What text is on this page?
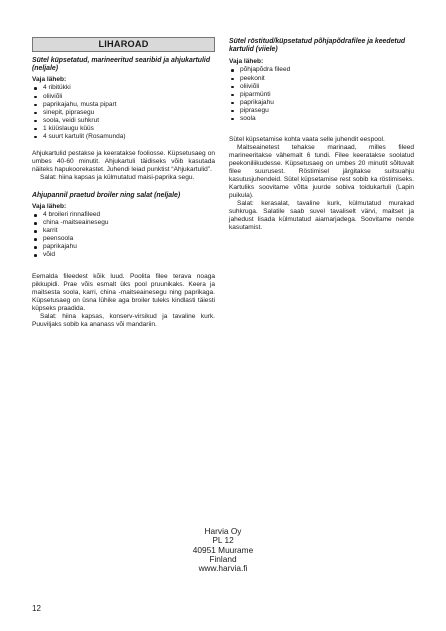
LIHAROAD
Sütel küpsetatud, marineeritud searibid ja ahjukartulid (neljale)
Vaja läheb:
4 ribitükki
oliiviõli
paprikajahu, musta pipart
sinepit, piprasegu
soola, veidi suhkrut
1 küüslaugu küüs
4 suurt kartulit (Rosamunda)

Ahjukartulid pestakse ja keeratakse fooliosse. Küpsetusaeg on umbes 40-60 minutit. Ahjukartuli täidiseks võib kasutada näiteks hapukoorekastet. Juhendi leiad punktist “Ahjukartulid”.

Salat: hiina kapsas ja külmutatud maisi-paprika segu.

Ahjupannil praetud broiler ning salat (neljale)
Vaja läheb:
4 broileri rinnafileed
china -maitseainesegu
karrit
peensoola
paprikajahu
võid

Eemalda fileedest kõik luud. Poolita filee terava noaga pikkupidi. Prae võis esmalt üks pool pruunikaks. Keera ja maitsesta soola, karri, china -maitseainesegu ning paprikaga. Küpsetusaeg on üsna lühike aga broiler tuleks kindlasti täiesti küpseks praadida.

Salat: hiina kapsas, konserv-virsikud ja tavaline kurk. Puuviljaks sobib ka ananass või mandariin.

Sütel röstitud/küpsetatud põhjapõdrafilee ja keedetud kartulid (viiele)
Vaja läheb:
põhjapõdra fileed
peekonit
oliiviõli
piparmünti
paprikajahu
piprasegu
soola

Sütel küpsetamise kohta vaata selle juhendit eespool.

Maitseainetest tehakse marinaad, milles fileed marineeritakse vähemalt 6 tundi. Filee keeratakse soolatud peekoniliikudesse. Küpsetusaeg on umbes 20 minutit sõltuvalt filee suurusest. Röstimisel järgitakse suitsuahju kasutusjuhendeid. Sütel küpsetamise rest sobib ka röstimiseks. Kartuliks soovitame võtta juurde sobiva toidukartuli (Lapin puikula).

Salat: kerasalat, tavaline kurk, külmutatud murakad suhkruga. Salatile saab suvel tavaliselt värvi, maitset ja jahedust lisada külmutatud aiamarjadega. Soovitame nende kasutamist.

Harvia Oy
PL 12
40951 Muurame
Finland
www.harvia.fi
12
